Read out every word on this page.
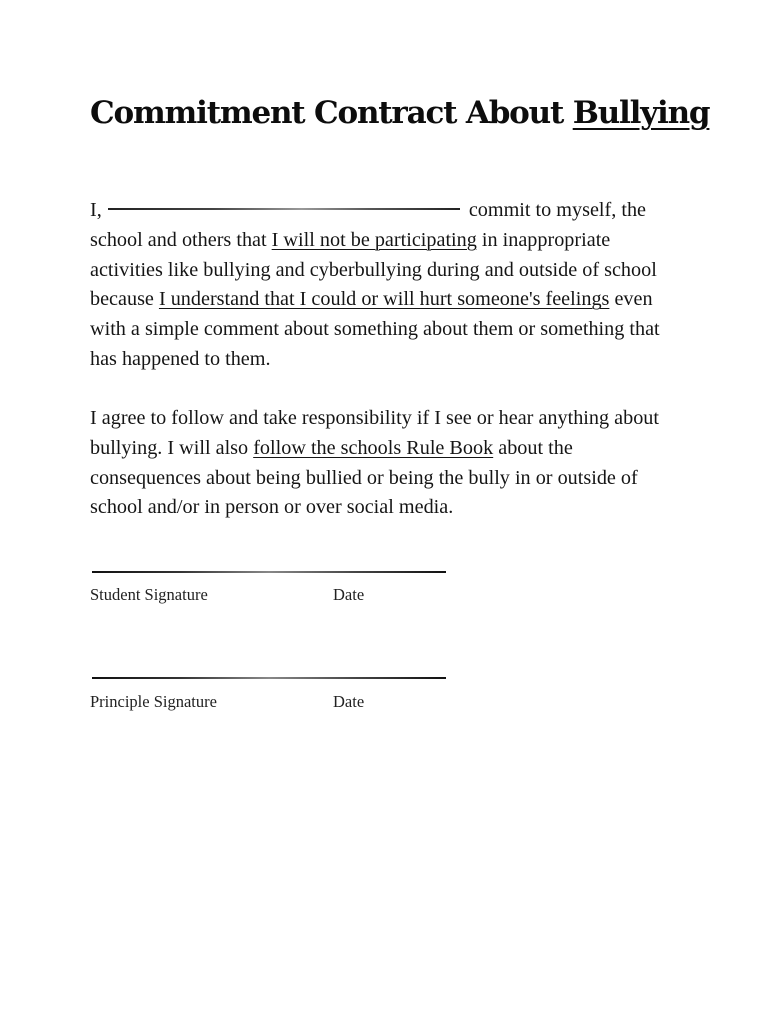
Commitment Contract About Bullying

I,	commit to myself, the school and others that I will not be participating in inappropriate activities like bullying and cyberbullying during and outside of school because I understand that I could or will hurt someone's feelings even with a simple comment about something about them or something that has happened to them.

I agree to follow and take responsibility if I see or hear anything about bullying. I will also follow the schools Rule Book about the consequences about being bullied or being the bully in or outside of school and/or in person or over social media.

Student Signature	Date

Principle Signature	Date
